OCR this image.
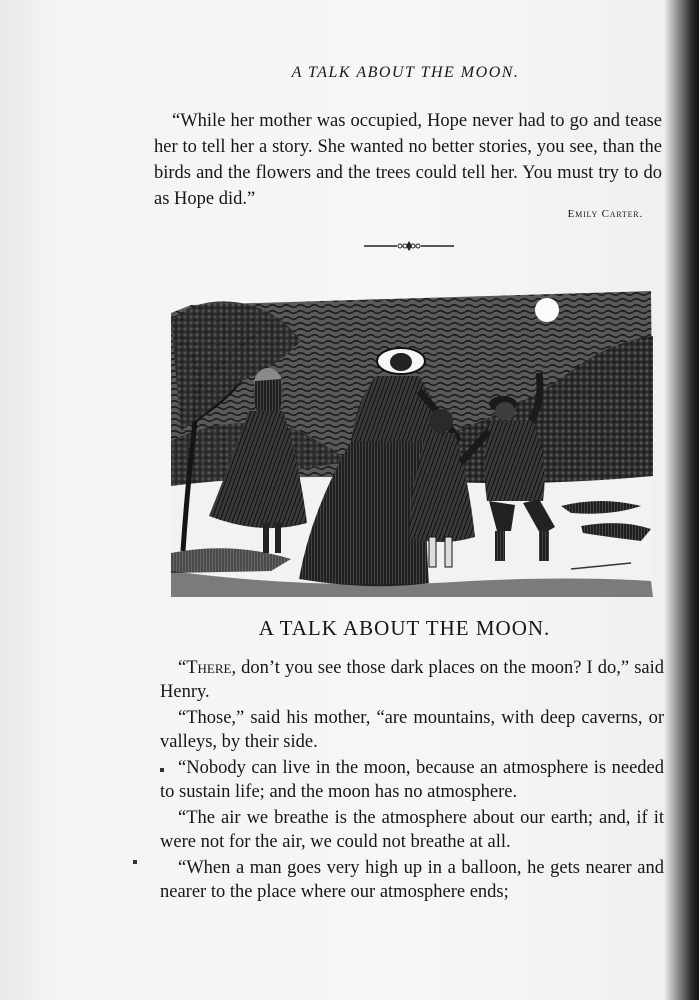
A TALK ABOUT THE MOON.
“While her mother was occupied, Hope never had to go and tease her to tell her a story. She wanted no better stories, you see, than the birds and the flowers and the trees could tell her. You must try to do as Hope did.”
Emily Carter.
A TALK ABOUT THE MOON.

“There, don’t you see those dark places on the moon? I do,” said Henry.

“Those,” said his mother, “are mountains, with deep caverns, or valleys, by their side.

“Nobody can live in the moon, because an atmosphere is needed to sustain life; and the moon has no atmosphere.

“The air we breathe is the atmosphere about our earth; and, if it were not for the air, we could not breathe at all.

“When a man goes very high up in a balloon, he gets nearer and nearer to the place where our atmosphere ends;
